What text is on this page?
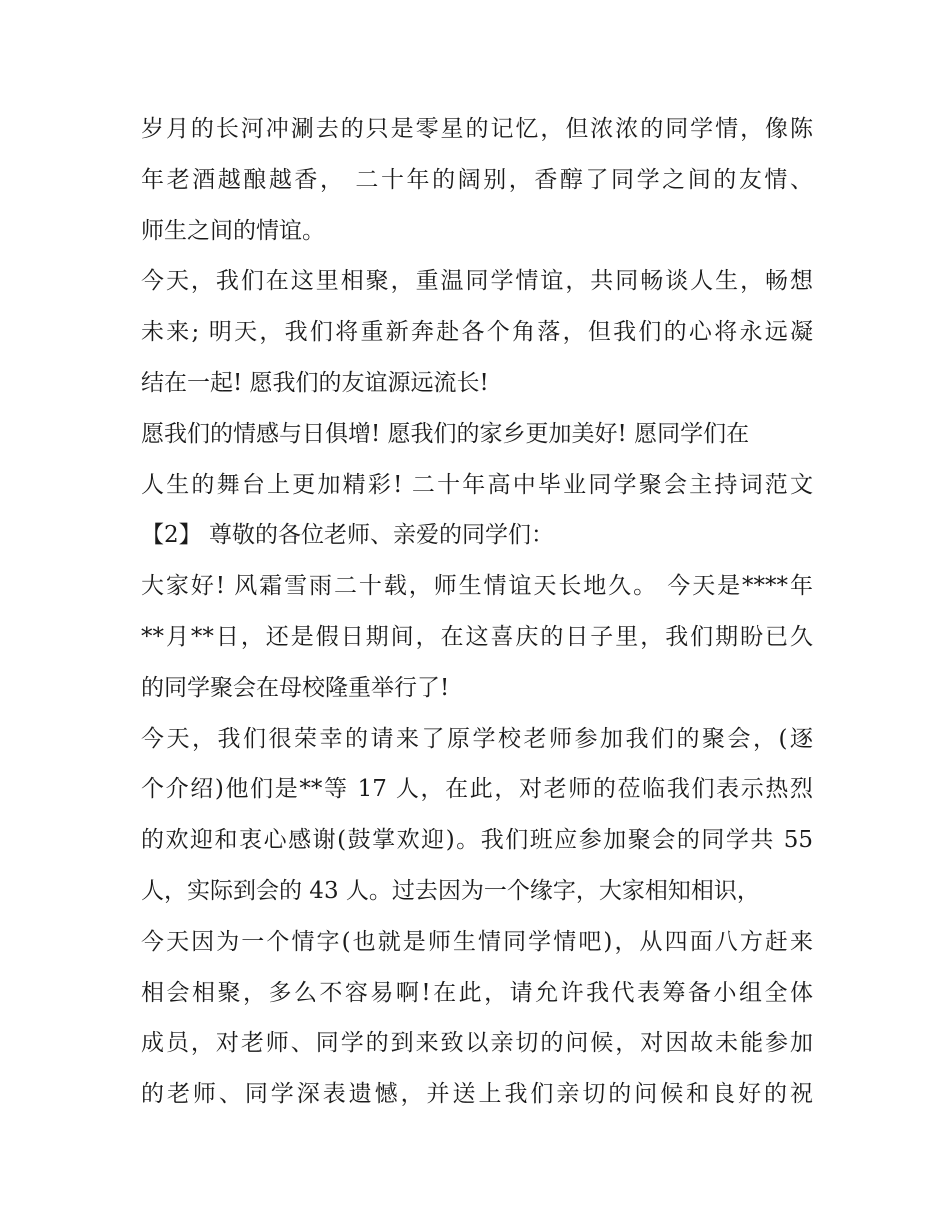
岁月的长河冲涮去的只是零星的记忆，但浓浓的同学情，像陈
年老酒越酿越香， 二十年的阔别，香醇了同学之间的友情、
师生之间的情谊。
今天，我们在这里相聚，重温同学情谊，共同畅谈人生，畅想
未来; 明天，我们将重新奔赴各个角落，但我们的心将永远凝
结在一起! 愿我们的友谊源远流长!
愿我们的情感与日俱增! 愿我们的家乡更加美好! 愿同学们在
人生的舞台上更加精彩! 二十年高中毕业同学聚会主持词范文
【2】 尊敬的各位老师、亲爱的同学们：
大家好! 风霜雪雨二十载，师生情谊天长地久。 今天是****年
**月**日，还是假日期间，在这喜庆的日子里，我们期盼已久
的同学聚会在母校隆重举行了!
今天，我们很荣幸的请来了原学校老师参加我们的聚会，(逐
个介绍)他们是**等 17 人，在此，对老师的莅临我们表示热烈
的欢迎和衷心感谢(鼓掌欢迎)。我们班应参加聚会的同学共 55
人，实际到会的 43 人。过去因为一个缘字，大家相知相识，
今天因为一个情字(也就是师生情同学情吧)，从四面八方赶来
相会相聚，多么不容易啊!在此，请允许我代表筹备小组全体
成员，对老师、同学的到来致以亲切的问候，对因故未能参加
的老师、同学深表遗憾，并送上我们亲切的问候和良好的祝
